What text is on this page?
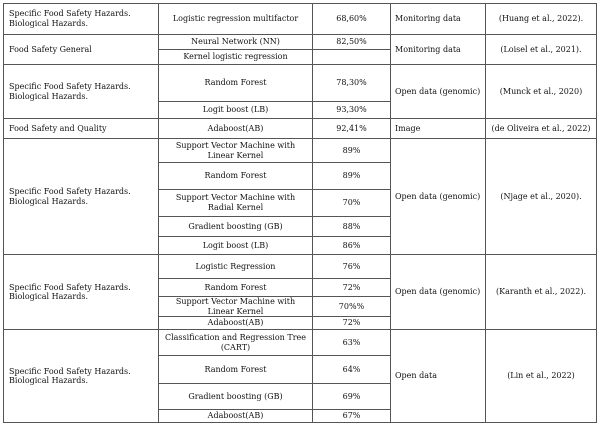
Specific Food Safety Hazards. Biological Hazards.	Logistic regression multifactor	68,60%	Monitoring data	(Huang et al., 2022).
Food Safety General	Neural Network (NN)	82,50%	Monitoring data	(Loisel et al., 2021).
	Kernel logistic regression			
Specific Food Safety Hazards. Biological Hazards.	Random Forest	78,30%	Open data (genomic)	(Munck et al., 2020)
	Logit boost (LB)	93,30%		
Food Safety and Quality	Adaboost(AB)	92,41%	Image	(de Oliveira et al., 2022)
Specific Food Safety Hazards. Biological Hazards.	Support Vector Machine with Linear Kernel	89%	Open data (genomic)	(Njage et al., 2020).
	Random Forest	89%		
	Support Vector Machine with Radial Kernel	70%		
	Gradient boosting (GB)	88%		
	Logit boost (LB)	86%		
Specific Food Safety Hazards. Biological Hazards.	Logistic Regression	76%	Open data (genomic)	(Karanth et al., 2022).
	Random Forest	72%		
	Support Vector Machine with Linear Kernel	70%%		
	Adaboost(AB)	72%		
Specific Food Safety Hazards. Biological Hazards.	Classification and Regression Tree (CART)	63%	Open data	(Lin et al., 2022)
	Random Forest	64%		
	Gradient boosting (GB)	69%		
	Adaboost(AB)	67%		
